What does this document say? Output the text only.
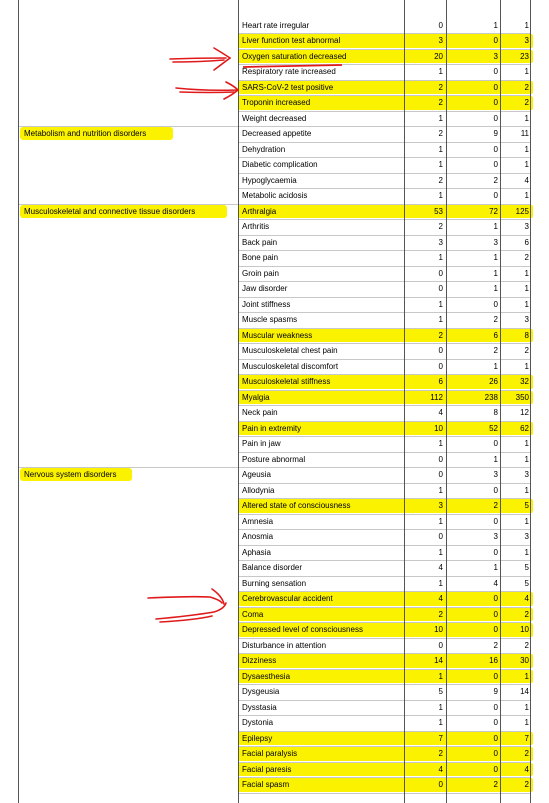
Heart rate irregular	0	1	1
Liver function test abnormal	3	0	3
Oxygen saturation decreased	20	3	23
Respiratory rate increased	1	0	1
SARS-CoV-2 test positive	2	0	2
Troponin increased	2	0	2
Weight decreased	1	0	1
Metabolism and nutrition disorders	Decreased appetite	2	9	11
Dehydration	1	0	1
Diabetic complication	1	0	1
Hypoglycaemia	2	2	4
Metabolic acidosis	1	0	1
Musculoskeletal and connective tissue disorders	Arthralgia	53	72	125
Arthritis	2	1	3
Back pain	3	3	6
Bone pain	1	1	2
Groin pain	0	1	1
Jaw disorder	0	1	1
Joint stiffness	1	0	1
Muscle spasms	1	2	3
Muscular weakness	2	6	8
Musculoskeletal chest pain	0	2	2
Musculoskeletal discomfort	0	1	1
Musculoskeletal stiffness	6	26	32
Myalgia	112	238	350
Neck pain	4	8	12
Pain in extremity	10	52	62
Pain in jaw	1	0	1
Posture abnormal	0	1	1
Nervous system disorders	Ageusia	0	3	3
Allodynia	1	0	1
Altered state of consciousness	3	2	5
Amnesia	1	0	1
Anosmia	0	3	3
Aphasia	1	0	1
Balance disorder	4	1	5
Burning sensation	1	4	5
Cerebrovascular accident	4	0	4
Coma	2	0	2
Depressed level of consciousness	10	0	10
Disturbance in attention	0	2	2
Dizziness	14	16	30
Dysaesthesia	1	0	1
Dysgeusia	5	9	14
Dysstasia	1	0	1
Dystonia	1	0	1
Epilepsy	7	0	7
Facial paralysis	2	0	2
Facial paresis	4	0	4
Facial spasm	0	2	2
